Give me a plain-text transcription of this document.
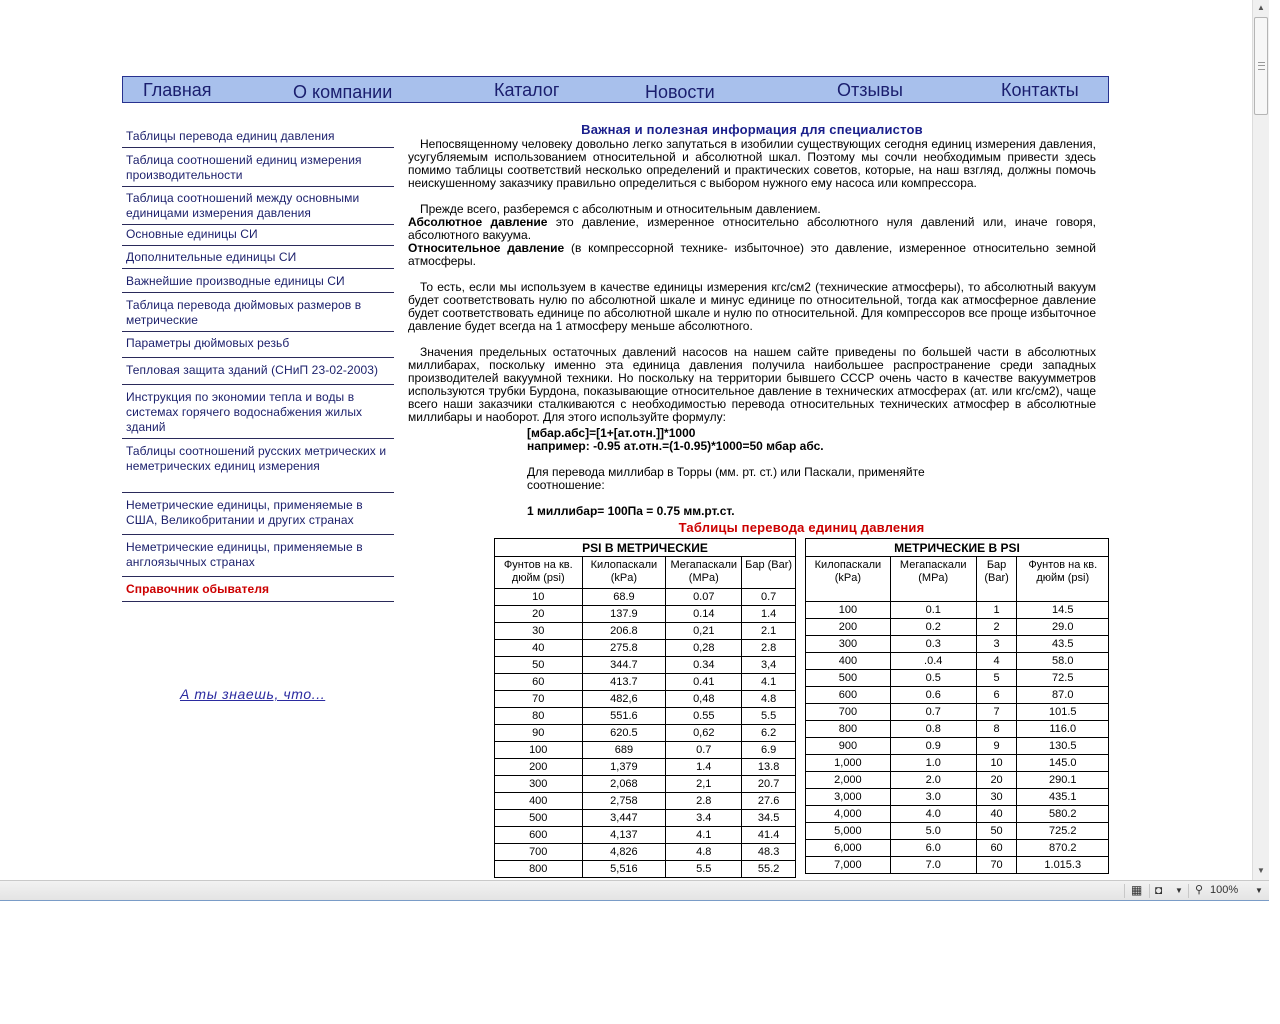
Главная	О компании	Каталог	Новости	Отзывы	Контакты
Таблицы перевода единиц давления
Таблица соотношений единиц измерения производительности
Таблица соотношений между основными единицами измерения давления
Основные единицы СИ
Дополнительные единицы СИ
Важнейшие производные единицы СИ
Таблица перевода дюймовых размеров в метрические
Параметры дюймовых резьб
Тепловая защита зданий (СНиП 23-02-2003)
Инструкция по экономии тепла и воды в системах горячего водоснабжения жилых зданий
Таблицы соотношений русских метрических и неметрических единиц измерения
Неметрические единицы, применяемые в США, Великобритании и других странах
Неметрические единицы, применяемые в англоязычных странах
Справочник обывателя
А ты знаешь, что...
Важная и полезная информация для специалистов

Непосвященному человеку довольно легко запутаться в изобилии существующих сегодня единиц измерения давления, усугубляемым использованием относительной и абсолютной шкал. Поэтому мы сочли необходимым привести здесь помимо таблицы соответствий несколько определений и практических советов, которые, на наш взгляд, должны помочь неискушенному заказчику правильно определиться с выбором нужного ему насоса или компрессора.

Прежде всего, разберемся с абсолютным и относительным давлением.

Абсолютное давление это давление, измеренное относительно абсолютного нуля давлений или, иначе говоря, абсолютного вакуума.

Относительное давление (в компрессорной технике- избыточное) это давление, измеренное относительно земной атмосферы.

То есть, если мы используем в качестве единицы измерения кгс/см2 (технические атмосферы), то абсолютный вакуум будет соответствовать нулю по абсолютной шкале и минус единице по относительной, тогда как атмосферное давление будет соответствовать единице по абсолютной шкале и нулю по относительной. Для компрессоров все проще избыточное давление будет всегда на 1 атмосферу меньше абсолютного.

Значения предельных остаточных давлений насосов на нашем сайте приведены по большей части в абсолютных миллибарах, поскольку именно эта единица давления получила наибольшее распространение среди западных производителей вакуумной техники. Но поскольку на территории бывшего СССР очень часто в качестве вакуумметров используются трубки Бурдона, показывающие относительное давление в технических атмосферах (ат. или кгс/см2), чаще всего наши заказчики сталкиваются с необходимостью перевода относительных технических атмосфер в абсолютные миллибары и наоборот. Для этого используйте формулу:

[мбар.абс]=[1+[ат.отн.]]*1000
например: -0.95 ат.отн.=(1-0.95)*1000=50 мбар абс.
Для перевода миллибар в Торры (мм. рт. ст.) или Паскали, применяйте соотношение:
1 миллибар= 100Па = 0.75 мм.рт.ст.
Таблицы перевода единиц давления
PSI В МЕТРИЧЕСКИЕ			
Фунтов на кв. дюйм (psi)	Килопаскали (kPa)	Мегапаскали (MPa)	Бар (Bar)
10	68.9	0.07	0.7
20	137.9	0.14	1.4
30	206.8	0,21	2.1
40	275.8	0,28	2.8
50	344.7	0.34	3,4
60	413.7	0.41	4.1
70	482,6	0,48	4.8
80	551.6	0.55	5.5
90	620.5	0,62	6.2
100	689	0.7	6.9
200	1,379	1.4	13.8
300	2,068	2,1	20.7
400	2,758	2.8	27.6
500	3,447	3.4	34.5
600	4,137	4.1	41.4
700	4,826	4.8	48.3
800	5,516	5.5	55.2
МЕТРИЧЕСКИЕ В PSI			
Килопаскали (kPa)	Мегапаскали (MPa)	Бар (Bar)	Фунтов на кв. дюйм (psi)
100	0.1	1	14.5
200	0.2	2	29.0
300	0.3	3	43.5
400	.0.4	4	58.0
500	0.5	5	72.5
600	0.6	6	87.0
700	0.7	7	101.5
800	0.8	8	116.0
900	0.9	9	130.5
1,000	1.0	10	145.0
2,000	2.0	20	290.1
3,000	3.0	30	435.1
4,000	4.0	40	580.2
5,000	5.0	50	725.2
6,000	6.0	60	870.2
7,000	7.0	70	1.015.3
▲
▼
▦ ◘ ▼ ⚲ 100% ▼
